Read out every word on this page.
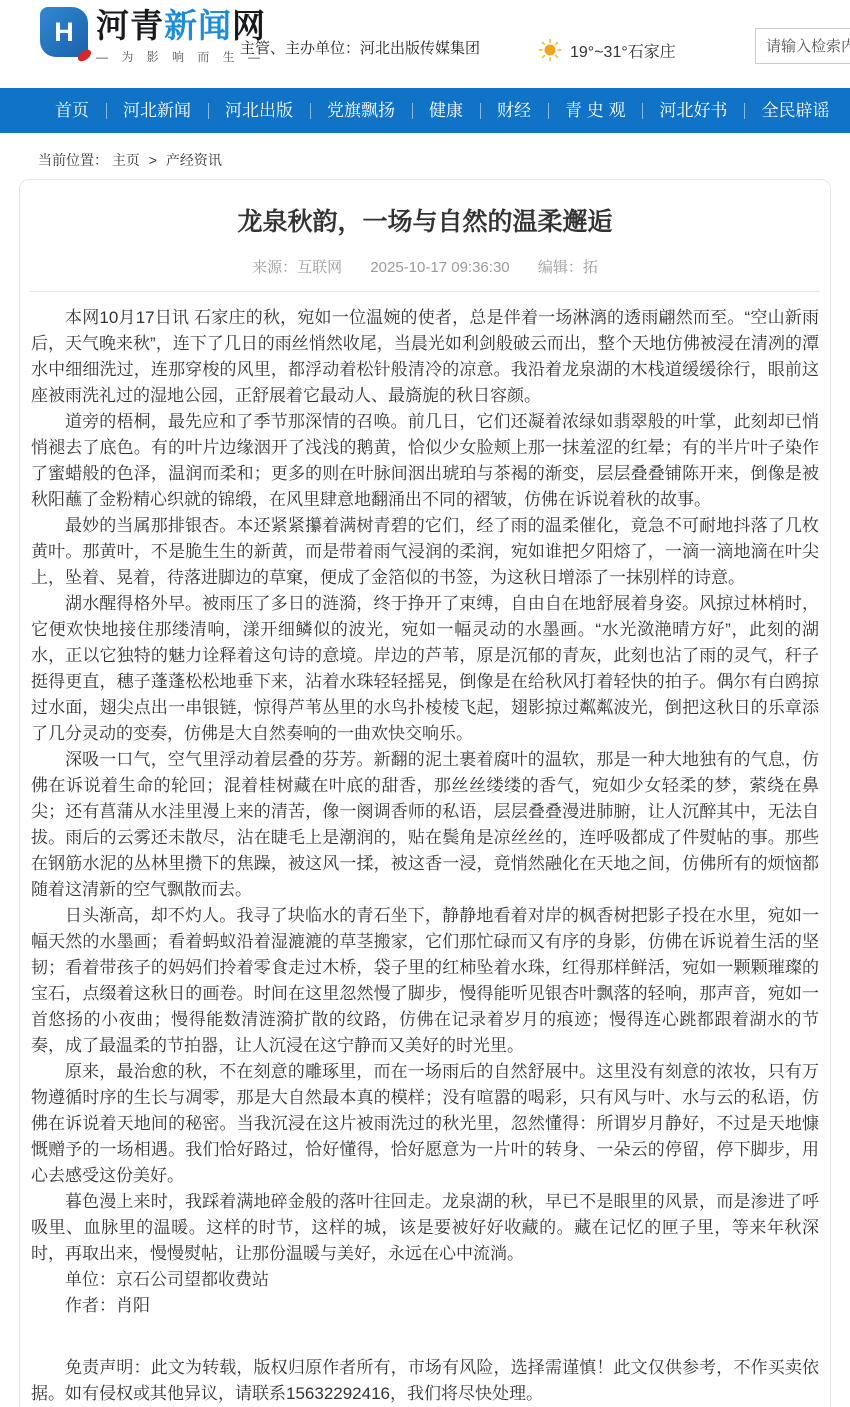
H 河青新闻网
— 为 影 响 而 生 —
主管、主办单位：河北出版传媒集团	19°~31°石家庄
请输入检索内容
首页	河北新闻	河北出版	党旗飘扬	健康	财经	青 史 观	河北好书	全民辟谣
当前位置： 主页 > 产经资讯
龙泉秋韵，一场与自然的温柔邂逅
来源：互联网 2025-10-17 09:36:30 编辑：拓

本网10月17日讯 石家庄的秋，宛如一位温婉的使者，总是伴着一场淋漓的透雨翩然而至。“空山新雨后，天气晚来秋”，连下了几日的雨丝悄然收尾，当晨光如利剑般破云而出，整个天地仿佛被浸在清冽的潭水中细细洗过，连那穿梭的风里，都浮动着松针般清冷的凉意。我沿着龙泉湖的木栈道缓缓徐行，眼前这座被雨洗礼过的湿地公园，正舒展着它最动人、最旖旎的秋日容颜。

道旁的梧桐，最先应和了季节那深情的召唤。前几日，它们还凝着浓绿如翡翠般的叶掌，此刻却已悄悄褪去了底色。有的叶片边缘洇开了浅浅的鹅黄，恰似少女脸颊上那一抹羞涩的红晕；有的半片叶子染作了蜜蜡般的色泽，温润而柔和；更多的则在叶脉间洇出琥珀与茶褐的渐变，层层叠叠铺陈开来，倒像是被秋阳蘸了金粉精心织就的锦缎，在风里肆意地翻涌出不同的褶皱，仿佛在诉说着秋的故事。

最妙的当属那排银杏。本还紧紧攥着满树青碧的它们，经了雨的温柔催化，竟急不可耐地抖落了几枚黄叶。那黄叶，不是脆生生的新黄，而是带着雨气浸润的柔润，宛如谁把夕阳熔了，一滴一滴地滴在叶尖上，坠着、晃着，待落进脚边的草窠，便成了金箔似的书签，为这秋日增添了一抹别样的诗意。

湖水醒得格外早。被雨压了多日的涟漪，终于挣开了束缚，自由自在地舒展着身姿。风掠过林梢时，它便欢快地接住那缕清响，漾开细鳞似的波光，宛如一幅灵动的水墨画。“水光潋滟晴方好”，此刻的湖水，正以它独特的魅力诠释着这句诗的意境。岸边的芦苇，原是沉郁的青灰，此刻也沾了雨的灵气，秆子挺得更直，穗子蓬蓬松松地垂下来，沾着水珠轻轻摇晃，倒像是在给秋风打着轻快的拍子。偶尔有白鸥掠过水面，翅尖点出一串银链，惊得芦苇丛里的水鸟扑棱棱飞起，翅影掠过粼粼波光，倒把这秋日的乐章添了几分灵动的变奏，仿佛是大自然奏响的一曲欢快交响乐。

深吸一口气，空气里浮动着层叠的芬芳。新翻的泥土裹着腐叶的温软，那是一种大地独有的气息，仿佛在诉说着生命的轮回；混着桂树藏在叶底的甜香，那丝丝缕缕的香气，宛如少女轻柔的梦，萦绕在鼻尖；还有菖蒲从水洼里漫上来的清苦，像一阕调香师的私语，层层叠叠漫进肺腑，让人沉醉其中，无法自拔。雨后的云雾还未散尽，沾在睫毛上是潮润的，贴在鬓角是凉丝丝的，连呼吸都成了件熨帖的事。那些在钢筋水泥的丛林里攒下的焦躁，被这风一揉，被这香一浸，竟悄然融化在天地之间，仿佛所有的烦恼都随着这清新的空气飘散而去。

日头渐高，却不灼人。我寻了块临水的青石坐下，静静地看着对岸的枫香树把影子投在水里，宛如一幅天然的水墨画；看着蚂蚁沿着湿漉漉的草茎搬家，它们那忙碌而又有序的身影，仿佛在诉说着生活的坚韧；看着带孩子的妈妈们拎着零食走过木桥，袋子里的红柿坠着水珠，红得那样鲜活，宛如一颗颗璀璨的宝石，点缀着这秋日的画卷。时间在这里忽然慢了脚步，慢得能听见银杏叶飘落的轻响，那声音，宛如一首悠扬的小夜曲；慢得能数清涟漪扩散的纹路，仿佛在记录着岁月的痕迹；慢得连心跳都跟着湖水的节奏，成了最温柔的节拍器，让人沉浸在这宁静而又美好的时光里。

原来，最治愈的秋，不在刻意的雕琢里，而在一场雨后的自然舒展中。这里没有刻意的浓妆，只有万物遵循时序的生长与凋零，那是大自然最本真的模样；没有喧嚣的喝彩，只有风与叶、水与云的私语，仿佛在诉说着天地间的秘密。当我沉浸在这片被雨洗过的秋光里，忽然懂得：所谓岁月静好，不过是天地慷慨赠予的一场相遇。我们恰好路过，恰好懂得，恰好愿意为一片叶的转身、一朵云的停留，停下脚步，用心去感受这份美好。

暮色漫上来时，我踩着满地碎金般的落叶往回走。龙泉湖的秋，早已不是眼里的风景，而是渗进了呼吸里、血脉里的温暖。这样的时节，这样的城，该是要被好好收藏的。藏在记忆的匣子里，等来年秋深时，再取出来，慢慢熨帖，让那份温暖与美好，永远在心中流淌。

单位：京石公司望都收费站

作者：肖阳

免责声明：此文为转载，版权归原作者所有，市场有风险，选择需谨慎！此文仅供参考，不作买卖依据。如有侵权或其他异议，请联系15632292416，我们将尽快处理。
